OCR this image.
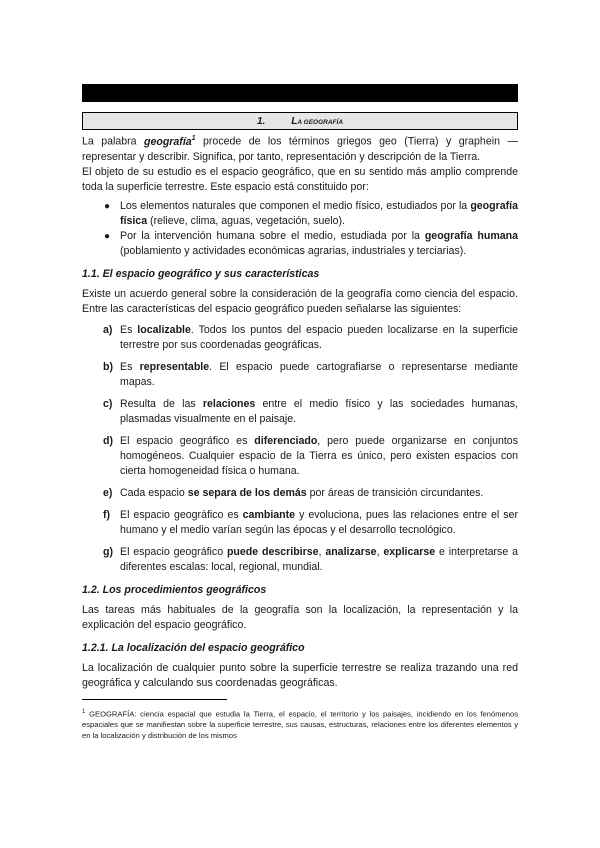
1.	LA GEOGRAFÍA

La palabra geografía$^1$ procede de los términos griegos geo (Tierra) y graphein —representar y describir. Significa, por tanto, representación y descripción de la Tierra.

El objeto de su estudio es el espacio geográfico, que en su sentido más amplio comprende toda la superficie terrestre. Este espacio está constituido por:

● Los elementos naturales que componen el medio físico, estudiados por la geografía física (relieve, clima, aguas, vegetación, suelo).
● Por la intervención humana sobre el medio, estudiada por la geografía humana (poblamiento y actividades económicas agrarias, industriales y terciarias).
1.1. El espacio geográfico y sus características

Existe un acuerdo general sobre la consideración de la geografía como ciencia del espacio. Entre las características del espacio geográfico pueden señalarse las siguientes:

a) Es localizable. Todos los puntos del espacio pueden localizarse en la superficie terrestre por sus coordenadas geográficas.
b) Es representable. El espacio puede cartografiarse o representarse mediante mapas.
c) Resulta de las relaciones entre el medio físico y las sociedades humanas, plasmadas visualmente en el paisaje.
d) El espacio geográfico es diferenciado, pero puede organizarse en conjuntos homogéneos. Cualquier espacio de la Tierra es único, pero existen espacios con cierta homogeneidad física o humana.
e) Cada espacio se separa de los demás por áreas de transición circundantes.
f) El espacio geográfico es cambiante y evoluciona, pues las relaciones entre el ser humano y el medio varían según las épocas y el desarrollo tecnológico.
g) El espacio geográfico puede describirse, analizarse, explicarse e interpretarse a diferentes escalas: local, regional, mundial.
1.2. Los procedimientos geográficos

Las tareas más habituales de la geografía son la localización, la representación y la explicación del espacio geográfico.

1.2.1. La localización del espacio geográfico

La localización de cualquier punto sobre la superficie terrestre se realiza trazando una red geográfica y calculando sus coordenadas geográficas.

$^1$ GEOGRAFÍA: ciencia espacial que estudia la Tierra, el espacio, el territorio y los paisajes, incidiendo en los fenómenos espaciales que se manifiestan sobre la superficie terrestre, sus causas, estructuras, relaciones entre los diferentes elementos y en la localización y distribución de los mismos
